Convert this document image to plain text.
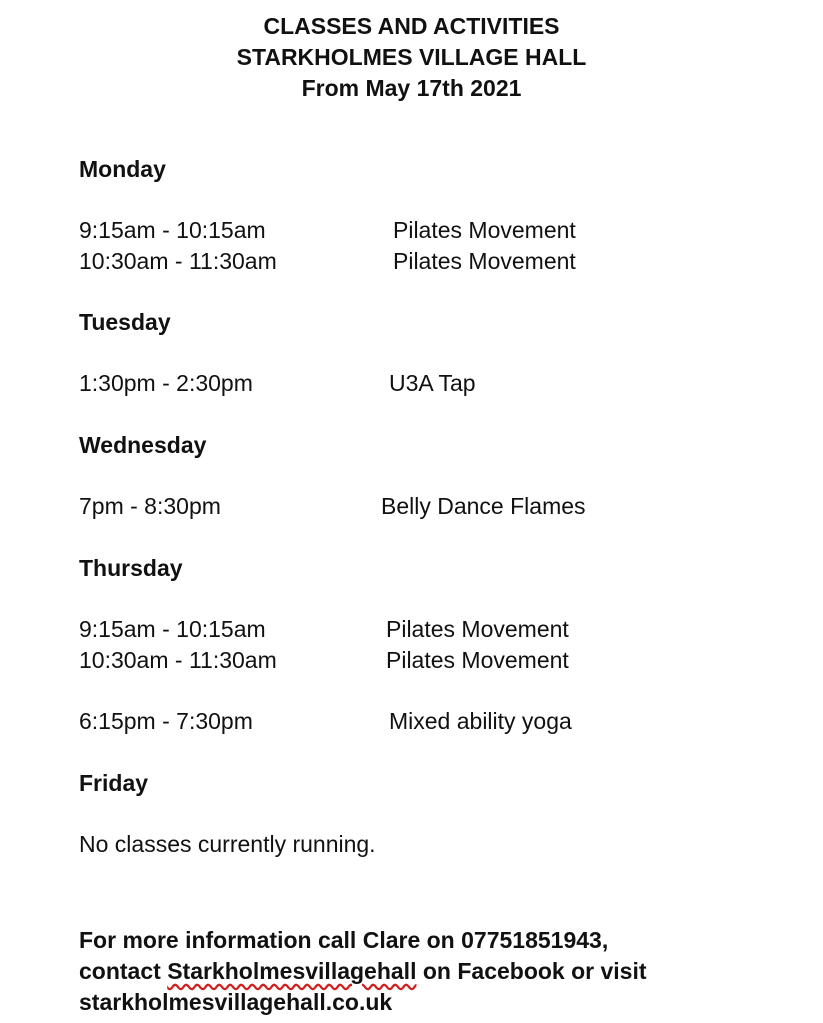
CLASSES AND ACTIVITIES
STARKHOLMES VILLAGE HALL
From May 17th 2021
Monday
9:15am - 10:15am	Pilates Movement
10:30am - 11:30am	Pilates Movement
Tuesday
1:30pm - 2:30pm	U3A Tap
Wednesday
7pm - 8:30pm	Belly Dance Flames
Thursday
9:15am - 10:15am	Pilates Movement
10:30am - 11:30am	Pilates Movement
6:15pm - 7:30pm	Mixed ability yoga
Friday
No classes currently running.
For more information call Clare on 07751851943,
contact Starkholmesvillagehall on Facebook or visit
starkholmesvillagehall.co.uk
